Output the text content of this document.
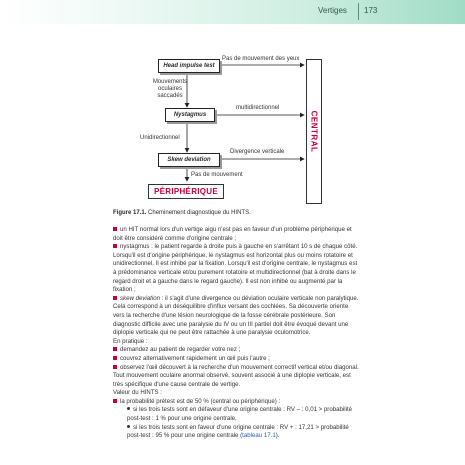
Vertiges 173
Head impulse test
Nystagmus
Skew deviation
Pas de mouvement des yeux
Mouvements
oculaires
saccadés
multidirectionnel
Unidirectionnel
Divergence verticale
Pas de mouvement
CENTRAL
PÉRIPHÉRIQUE
Figure 17.1. Cheminement diagnostique du HINTS.

un HIT normal lors d'un vertige aigu n'est pas en faveur d'un problème périphérique et doit être considéré comme d'origine centrale ;

nystagmus : le patient regarde à droite puis à gauche en s'arrêtant 10 s de chaque côté. Lorsqu'il est d'origine périphérique, le nystagmus est horizontal plus ou moins rotatoire et unidirectionnel. Il est inhibé par la fixation. Lorsqu'il est d'origine centrale, le nystagmus est à prédominance verticale et/ou purement rotatoire et multidirectionnel (bat à droite dans le regard droit et à gauche dans le regard gauche). Il est non inhibé ou augmenté par la fixation ;

skew deviation : il s'agit d'une divergence ou déviation oculaire verticale non paralytique. Cela correspond à un déséquilibre d'influx versant des cochlées. Sa découverte oriente vers la recherche d'une lésion neurologique de la fosse cérébrale postérieure. Son diagnostic difficile avec une paralysie du IV ou un III partiel doit être évoqué devant une diplopie verticale qui ne peut être rattachée à une paralysie oculomotrice.

En pratique :

demandez au patient de regarder votre nez ;

couvrez alternativement rapidement un œil puis l'autre ;

observez l'œil découvert à la recherche d'un mouvement correctif vertical et/ou diagonal.

Tout mouvement oculaire anormal observé, souvent associé à une diplopie verticale, est très spécifique d'une cause centrale de vertige.

Valeur du HINTS :

la probabilité prétest est de 50 % (central ou périphérique) :

si les trois tests sont en défaveur d'une origine centrale : RV – : 0,01 > probabilité post-test : 1 % pour une origine centrale,

si les trois tests sont en faveur d'une origine centrale : RV + : 17,21 > probabilité post-test : 95 % pour une origine centrale (tableau 17.1).
